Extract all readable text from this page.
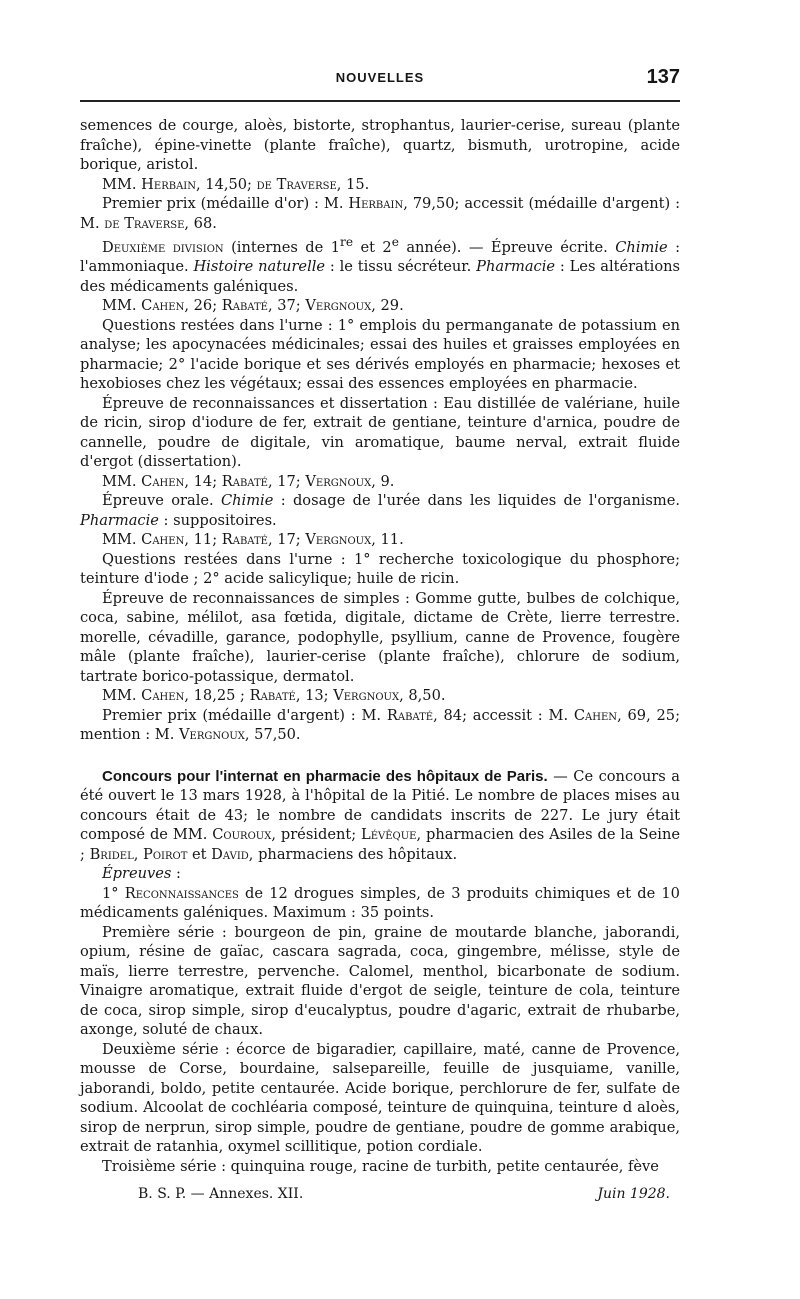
NOUVELLES	137

semences de courge, aloès, bistorte, strophantus, laurier-cerise, sureau (plante fraîche), épine-vinette (plante fraîche), quartz, bismuth, urotropine, acide borique, aristol.

MM. Herbain, 14,50; de Traverse, 15.

Premier prix (médaille d'or) : M. Herbain, 79,50; accessit (médaille d'argent) : M. de Traverse, 68.

Deuxième division (internes de 1re et 2e année). — Épreuve écrite. Chimie : l'ammoniaque. Histoire naturelle : le tissu sécréteur. Pharmacie : Les altérations des médicaments galéniques.

MM. Cahen, 26; Rabaté, 37; Vergnoux, 29.

Questions restées dans l'urne : 1° emplois du permanganate de potassium en analyse; les apocynacées médicinales; essai des huiles et graisses employées en pharmacie; 2° l'acide borique et ses dérivés employés en pharmacie; hexoses et hexobioses chez les végétaux; essai des essences employées en pharmacie.

Épreuve de reconnaissances et dissertation : Eau distillée de valériane, huile de ricin, sirop d'iodure de fer, extrait de gentiane, teinture d'arnica, poudre de cannelle, poudre de digitale, vin aromatique, baume nerval, extrait fluide d'ergot (dissertation).

MM. Cahen, 14; Rabaté, 17; Vergnoux, 9.

Épreuve orale. Chimie : dosage de l'urée dans les liquides de l'organisme. Pharmacie : suppositoires.

MM. Cahen, 11; Rabaté, 17; Vergnoux, 11.

Questions restées dans l'urne : 1° recherche toxicologique du phosphore; teinture d'iode ; 2° acide salicylique; huile de ricin.

Épreuve de reconnaissances de simples : Gomme gutte, bulbes de colchique, coca, sabine, mélilot, asa fœtida, digitale, dictame de Crète, lierre terrestre. morelle, cévadille, garance, podophylle, psyllium, canne de Provence, fougère mâle (plante fraîche), laurier-cerise (plante fraîche), chlorure de sodium, tartrate borico-potassique, dermatol.

MM. Cahen, 18,25 ; Rabaté, 13; Vergnoux, 8,50.

Premier prix (médaille d'argent) : M. Rabaté, 84; accessit : M. Cahen, 69, 25; mention : M. Vergnoux, 57,50.

Concours pour l'internat en pharmacie des hôpitaux de Paris. — Ce concours a été ouvert le 13 mars 1928, à l'hôpital de la Pitié. Le nombre de places mises au concours était de 43; le nombre de candidats inscrits de 227. Le jury était composé de MM. Couroux, président; Lévêque, pharmacien des Asiles de la Seine ; Bridel, Poirot et David, pharmaciens des hôpitaux.

Épreuves :

1° Reconnaissances de 12 drogues simples, de 3 produits chimiques et de 10 médicaments galéniques. Maximum : 35 points.

Première série : bourgeon de pin, graine de moutarde blanche, jaborandi, opium, résine de gaïac, cascara sagrada, coca, gingembre, mélisse, style de maïs, lierre terrestre, pervenche. Calomel, menthol, bicarbonate de sodium. Vinaigre aromatique, extrait fluide d'ergot de seigle, teinture de cola, teinture de coca, sirop simple, sirop d'eucalyptus, poudre d'agaric, extrait de rhubarbe, axonge, soluté de chaux.

Deuxième série : écorce de bigaradier, capillaire, maté, canne de Provence, mousse de Corse, bourdaine, salsepareille, feuille de jusquiame, vanille, jaborandi, boldo, petite centaurée. Acide borique, perchlorure de fer, sulfate de sodium. Alcoolat de cochléaria composé, teinture de quinquina, teinture d aloès, sirop de nerprun, sirop simple, poudre de gentiane, poudre de gomme arabique, extrait de ratanhia, oxymel scillitique, potion cordiale.

Troisième série : quinquina rouge, racine de turbith, petite centaurée, fève

B. S. P. — Annexes. XII.	Juin 1928.
